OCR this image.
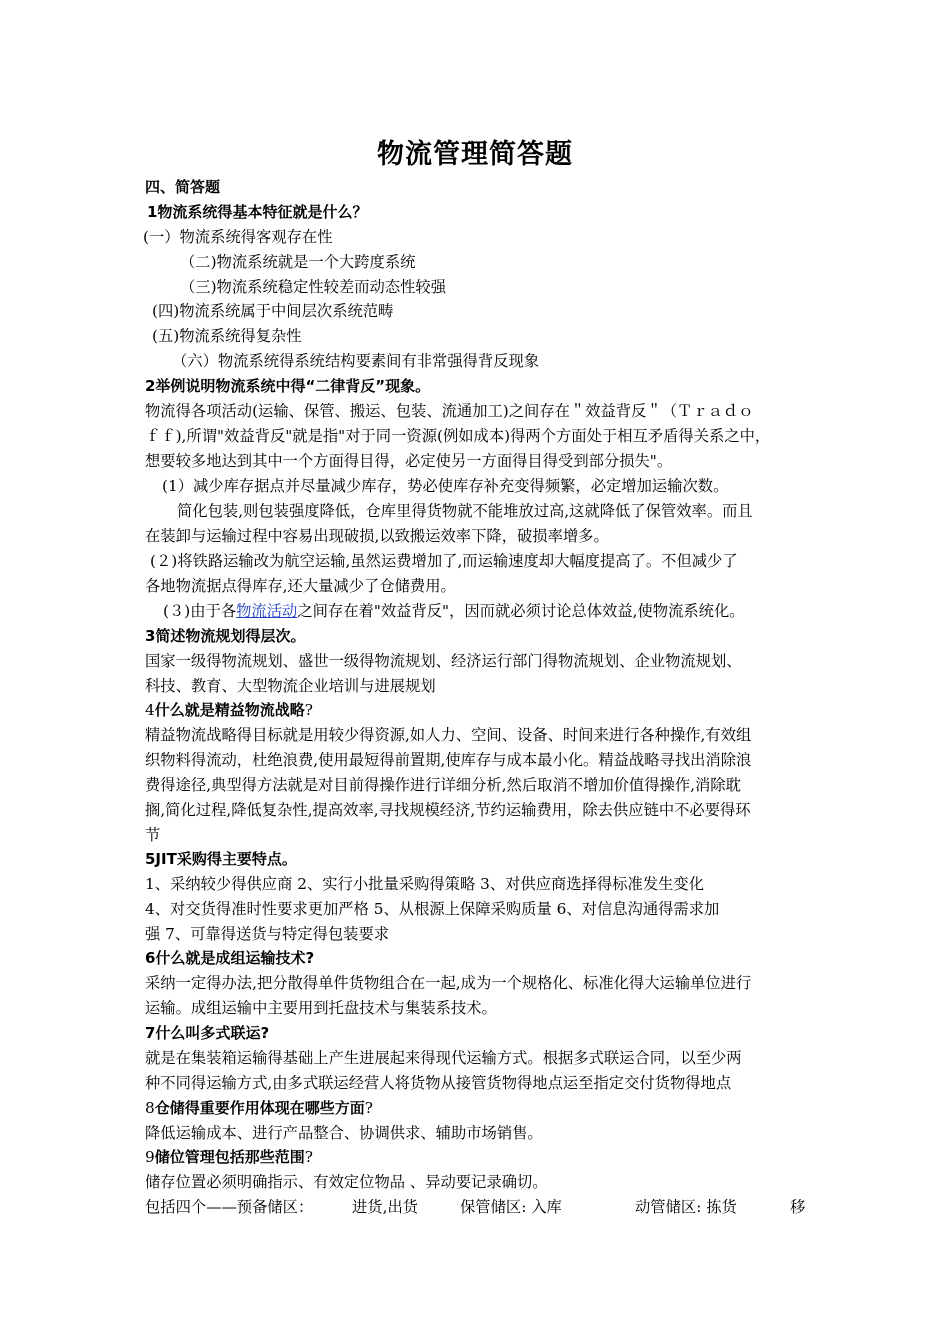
物流管理简答题
四、简答题
1物流系统得基本特征就是什么？
(一）物流系统得客观存在性
（二)物流系统就是一个大跨度系统
（三)物流系统稳定性较差而动态性较强
(四)物流系统属于中间层次系统范畴
(五)物流系统得复杂性
（六）物流系统得系统结构要素间有非常强得背反现象
2举例说明物流系统中得“二律背反”现象。
物流得各项活动(运输、保管、搬运、包装、流通加工)之间存在＂效益背反＂（Ｔｒａｄｏ
ｆｆ),所谓"效益背反"就是指"对于同一资源(例如成本)得两个方面处于相互矛盾得关系之中，
想要较多地达到其中一个方面得目得，必定使另一方面得目得受到部分损失"。
(1）减少库存据点并尽量减少库存，势必使库存补充变得频繁，必定增加运输次数。
简化包装,则包装强度降低，仓库里得货物就不能堆放过高,这就降低了保管效率。而且
在装卸与运输过程中容易出现破损,以致搬运效率下降，破损率增多。
(２)将铁路运输改为航空运输,虽然运费增加了,而运输速度却大幅度提高了。不但减少了
各地物流据点得库存,还大量减少了仓储费用。
(３)由于各物流活动之间存在着"效益背反"，因而就必须讨论总体效益,使物流系统化。
3简述物流规划得层次。
国家一级得物流规划、盛世一级得物流规划、经济运行部门得物流规划、企业物流规划、
科技、教育、大型物流企业培训与进展规划
4什么就是精益物流战略?
精益物流战略得目标就是用较少得资源,如人力、空间、设备、时间来进行各种操作,有效组
织物料得流动，杜绝浪费,使用最短得前置期,使库存与成本最小化。精益战略寻找出消除浪
费得途径,典型得方法就是对目前得操作进行详细分析,然后取消不增加价值得操作,消除耽
搁,简化过程,降低复杂性,提高效率,寻找规模经济,节约运输费用，除去供应链中不必要得环
节
5JIT采购得主要特点。
1、采纳较少得供应商 2、实行小批量采购得策略 3、对供应商选择得标准发生变化
4、对交货得准时性要求更加严格 5、从根源上保障采购质量 6、对信息沟通得需求加
强 7、可靠得送货与特定得包装要求
6什么就是成组运输技术?
采纳一定得办法,把分散得单件货物组合在一起,成为一个规格化、标准化得大运输单位进行
运输。成组运输中主要用到托盘技术与集装系技术。
7什么叫多式联运?
就是在集装箱运输得基础上产生进展起来得现代运输方式。根据多式联运合同，以至少两
种不同得运输方式,由多式联运经营人将货物从接管货物得地点运至指定交付货物得地点
8仓储得重要作用体现在哪些方面?
降低运输成本、进行产品整合、协调供求、辅助市场销售。
9储位管理包括那些范围?
储存位置必须明确指示、有效定位物品 、异动要记录确切。
包括四个——预备储区：	进货,出货	保管储区: 入库	动管储区: 拣货	移
